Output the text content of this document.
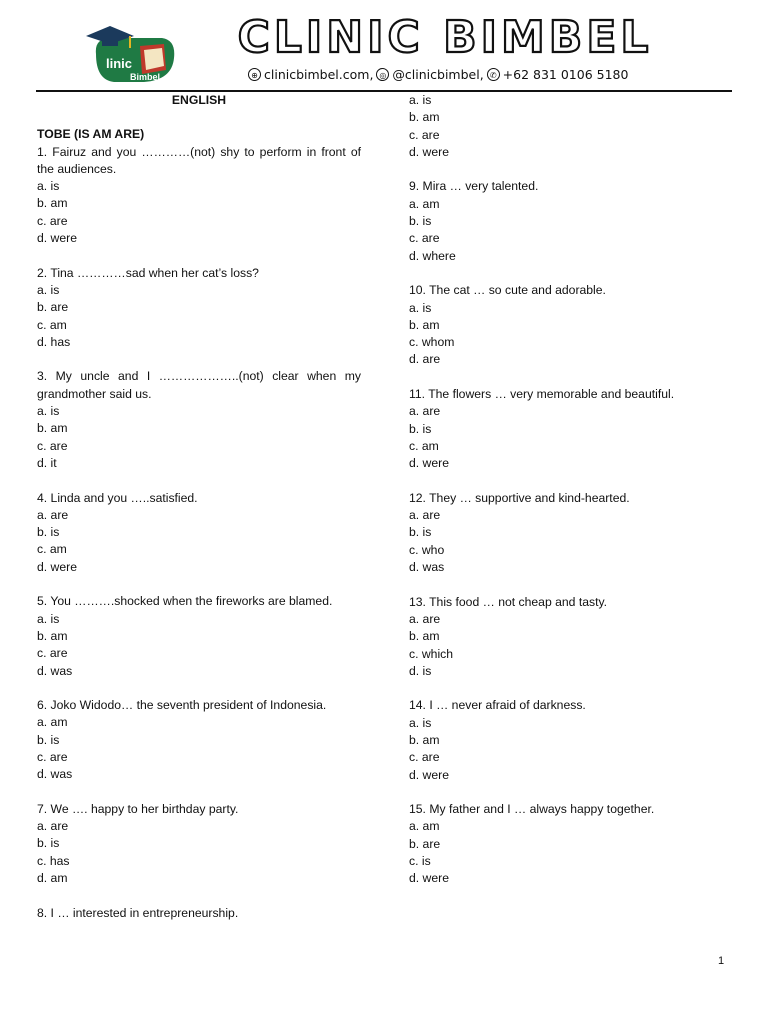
linic
Bimbel
CLINIC BIMBEL
⊕ clinicbimbel.com, ◎ @clinicbimbel, ✆ +62 831 0106 5180
ENGLISH
TOBE (IS AM ARE)
1. Fairuz and you …………(not) shy to perform in front of the audiences.
a. is
b. am
c. are
d. were
2. Tina …………sad when her cat’s loss?
a. is
b. are
c. am
d. has
3. My uncle and I ………………..(not) clear when my grandmother said us.
a. is
b. am
c. are
d. it
4. Linda and you …..satisfied.
a. are
b. is
c. am
d. were
5. You ……….shocked when the fireworks are blamed.
a. is
b. am
c. are
d. was
6. Joko Widodo… the seventh president of Indonesia.
a. am
b. is
c. are
d. was
7. We …. happy to her birthday party.
a. are
b. is
c. has
d. am
8. I … interested in entrepreneurship.
a. is
b. am
c. are
d. were
9. Mira … very talented.
a. am
b. is
c. are
d. where
10. The cat … so cute and adorable.
a. is
b. am
c. whom
d. are
11. The flowers … very memorable and beautiful.
a. are
b. is
c. am
d. were
12. They … supportive and kind-hearted.
a. are
b. is
c. who
d. was
13. This food … not cheap and tasty.
a. are
b. am
c. which
d. is
14. I … never afraid of darkness.
a. is
b. am
c. are
d. were
15. My father and I … always happy together.
a. am
b. are
c. is
d. were
1
